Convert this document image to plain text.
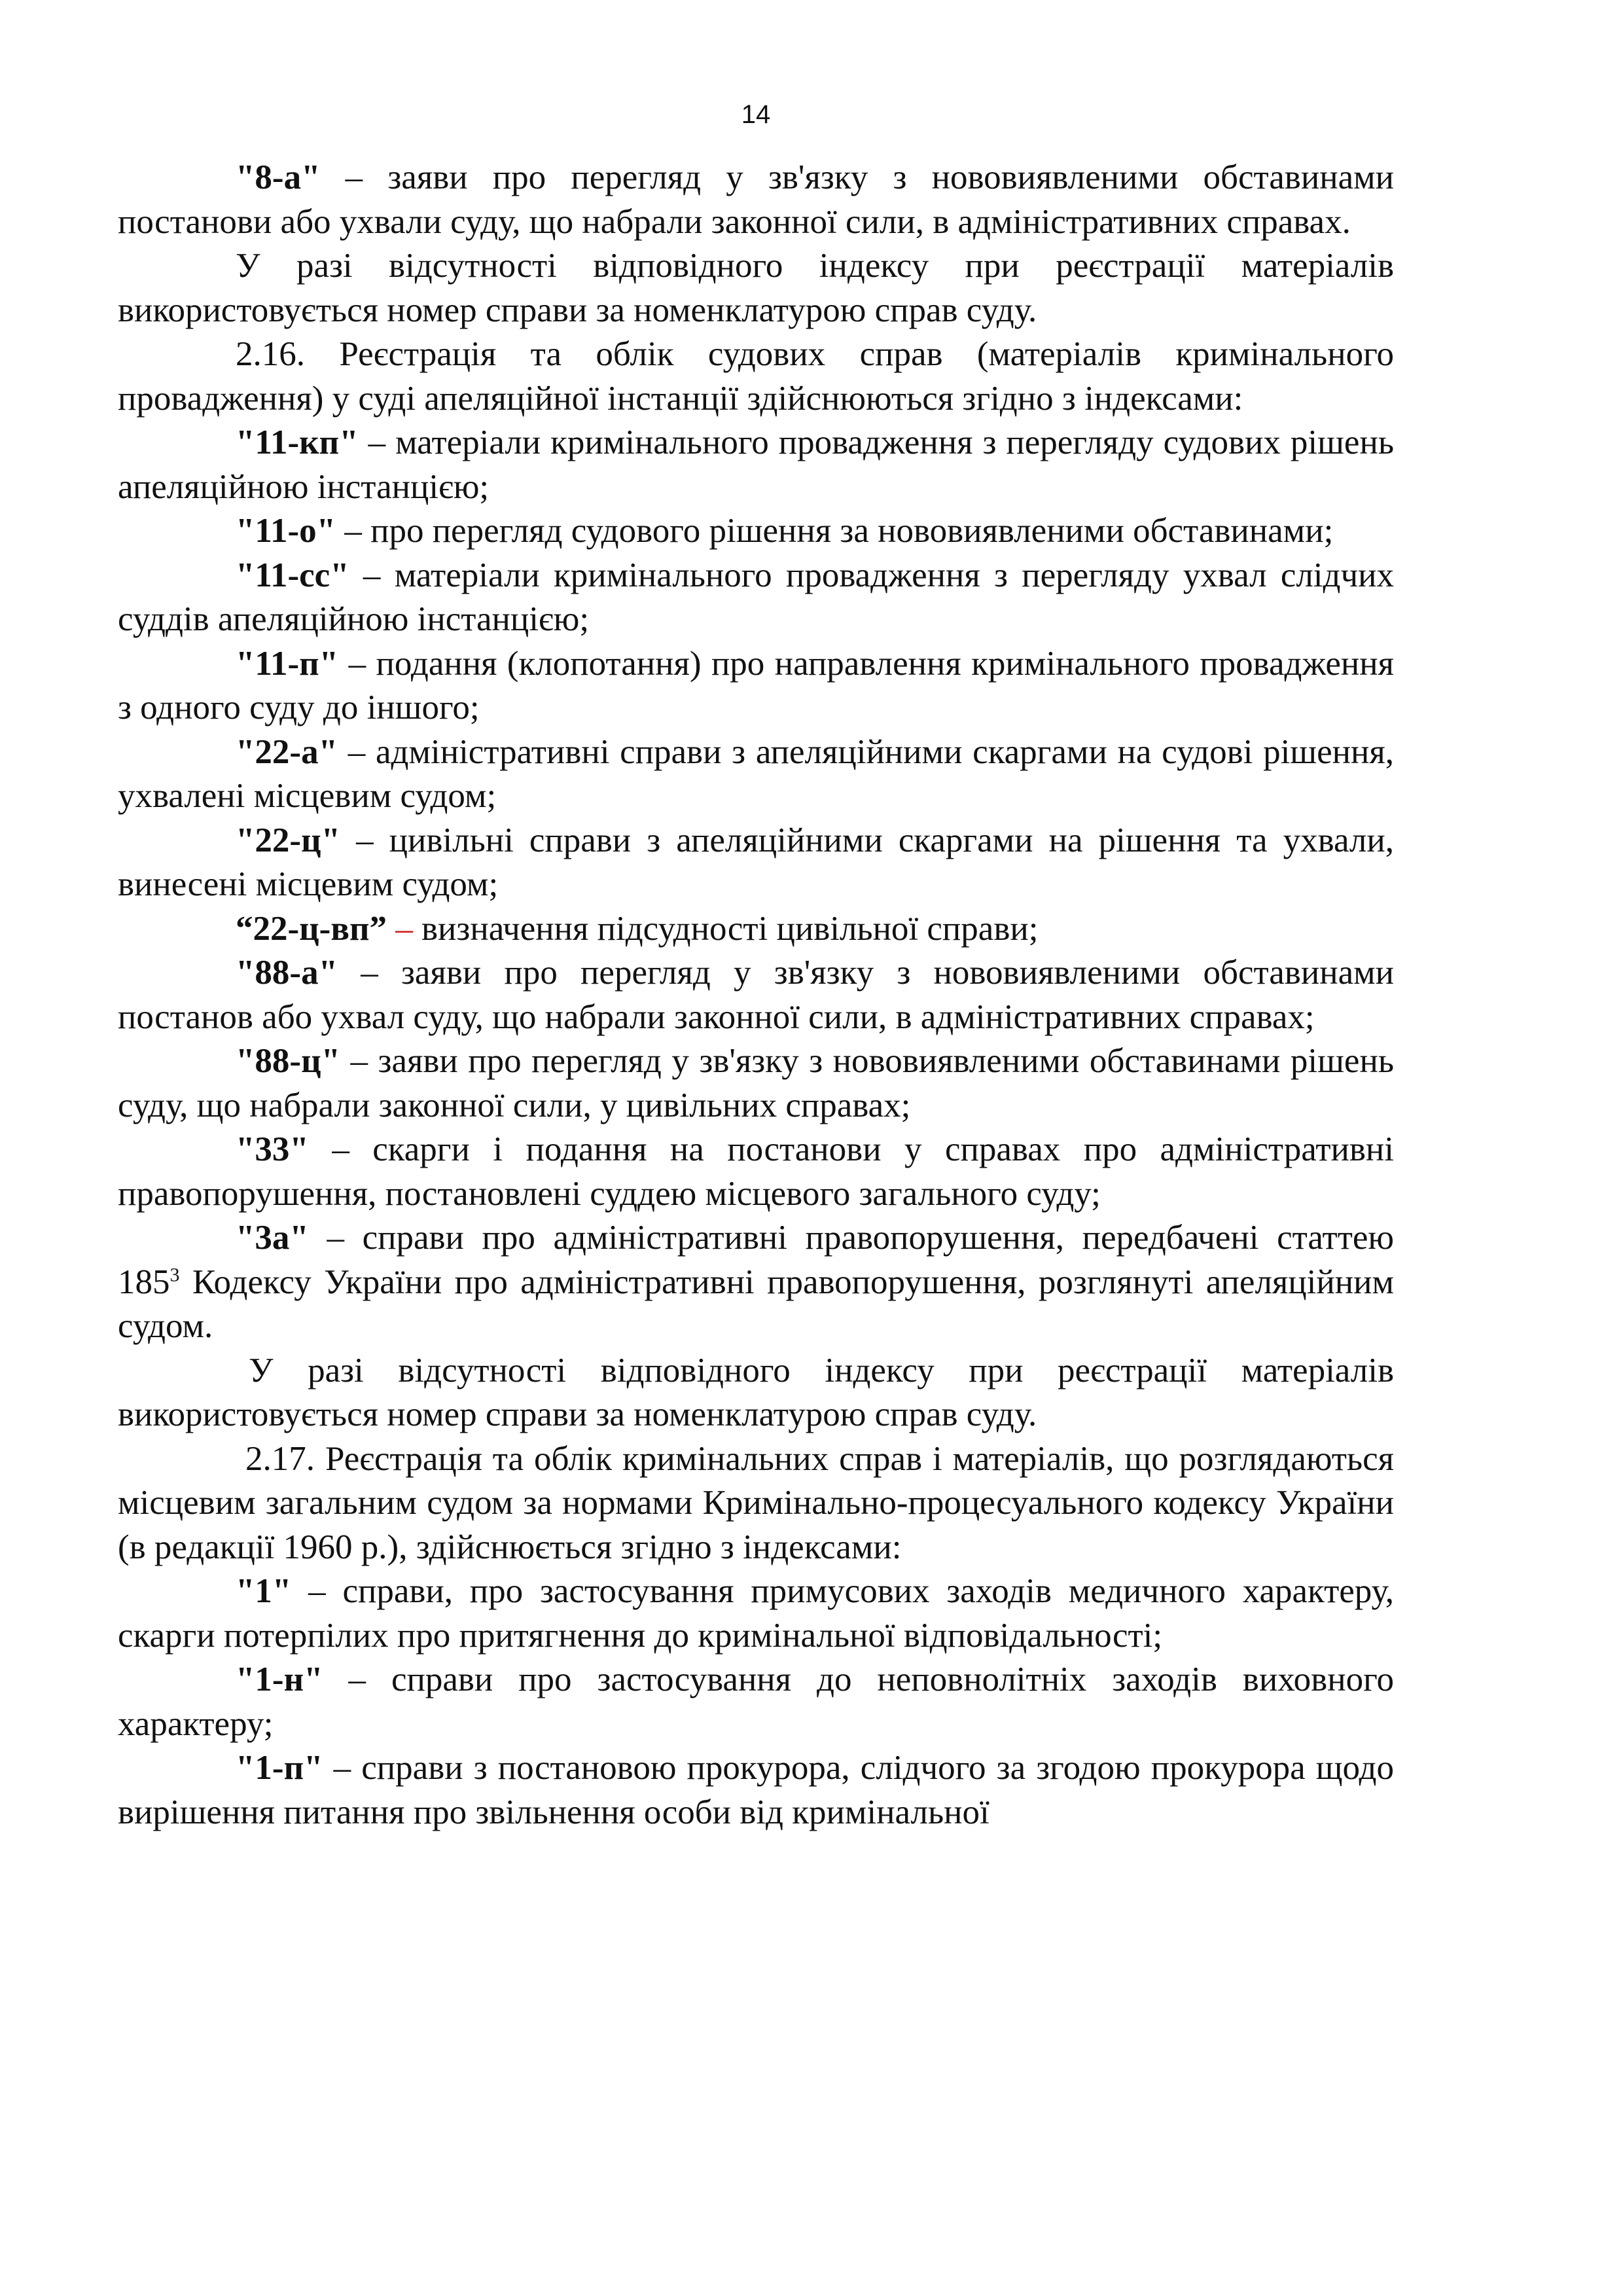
14

"8-а" – заяви про перегляд у зв'язку з нововиявленими обставинами постанови або ухвали суду, що набрали законної сили, в адміністративних справах.

У разі відсутності відповідного індексу при реєстрації матеріалів використовується номер справи за номенклатурою справ суду.

2.16. Реєстрація та облік судових справ (матеріалів кримінального провадження) у суді апеляційної інстанції здійснюються згідно з індексами:

"11-кп" – матеріали кримінального провадження з перегляду судових рішень апеляційною інстанцією;

"11-о" – про перегляд судового рішення за нововиявленими обставинами;

"11-сс" – матеріали кримінального провадження з перегляду ухвал слідчих суддів апеляційною інстанцією;

"11-п" – подання (клопотання) про направлення кримінального провадження з одного суду до іншого;

"22-а" – адміністративні справи з апеляційними скаргами на судові рішення, ухвалені місцевим судом;

"22-ц" – цивільні справи з апеляційними скаргами на рішення та ухвали, винесені місцевим судом;

“22-ц-вп” – визначення підсудності цивільної справи;

"88-а" – заяви про перегляд у зв'язку з нововиявленими обставинами постанов або ухвал суду, що набрали законної сили, в адміністративних справах;

"88-ц" – заяви про перегляд у зв'язку з нововиявленими обставинами рішень суду, що набрали законної сили, у цивільних справах;

"33" – скарги і подання на постанови у справах про адміністративні правопорушення, постановлені суддею місцевого загального суду;

"3а" – справи про адміністративні правопорушення, передбачені статтею $185^3$ Кодексу України про адміністративні правопорушення, розглянуті апеляційним судом.

У разі відсутності відповідного індексу при реєстрації матеріалів використовується номер справи за номенклатурою справ суду.

2.17. Реєстрація та облік кримінальних справ і матеріалів, що розглядаються місцевим загальним судом за нормами Кримінально-процесуального кодексу України (в редакції 1960 р.), здійснюється згідно з індексами:

"1" – справи, про застосування примусових заходів медичного характеру, скарги потерпілих про притягнення до кримінальної відповідальності;

"1-н" – справи про застосування до неповнолітніх заходів виховного характеру;

"1-п" – справи з постановою прокурора, слідчого за згодою прокурора щодо вирішення питання про звільнення особи від кримінальної
